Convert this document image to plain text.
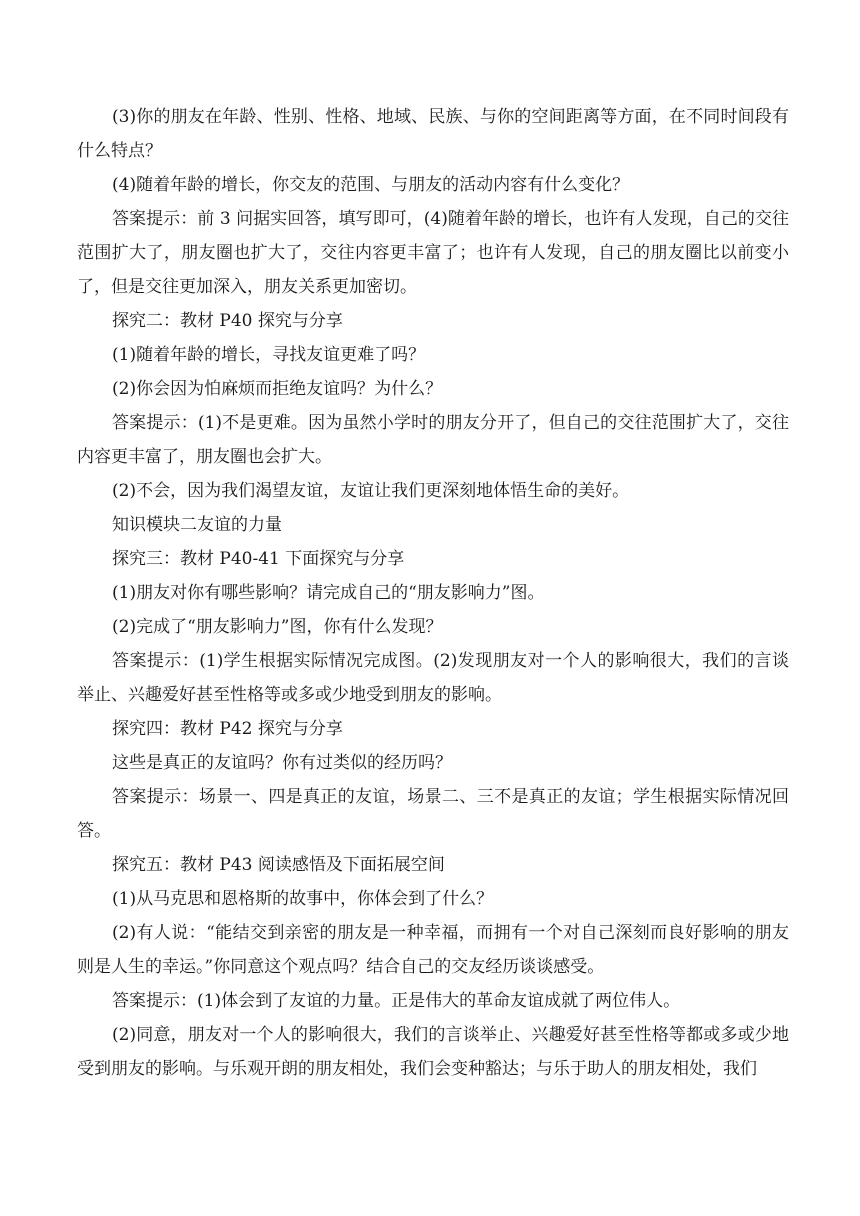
(3)你的朋友在年龄、性别、性格、地域、民族、与你的空间距离等方面，在不同时间段有什么特点？

(4)随着年龄的增长，你交友的范围、与朋友的活动内容有什么变化？

答案提示：前 3 问据实回答，填写即可，(4)随着年龄的增长，也许有人发现，自己的交往范围扩大了，朋友圈也扩大了，交往内容更丰富了；也许有人发现，自己的朋友圈比以前变小了，但是交往更加深入，朋友关系更加密切。

探究二：教材 P40 探究与分享

(1)随着年龄的增长，寻找友谊更难了吗？

(2)你会因为怕麻烦而拒绝友谊吗？为什么？

答案提示：(1)不是更难。因为虽然小学时的朋友分开了，但自己的交往范围扩大了，交往内容更丰富了，朋友圈也会扩大。

(2)不会，因为我们渴望友谊，友谊让我们更深刻地体悟生命的美好。

知识模块二友谊的力量

探究三：教材 P40-41 下面探究与分享

(1)朋友对你有哪些影响？请完成自己的“朋友影响力”图。

(2)完成了“朋友影响力”图，你有什么发现？

答案提示：(1)学生根据实际情况完成图。(2)发现朋友对一个人的影响很大，我们的言谈举止、兴趣爱好甚至性格等或多或少地受到朋友的影响。

探究四：教材 P42 探究与分享

这些是真正的友谊吗？你有过类似的经历吗？

答案提示：场景一、四是真正的友谊，场景二、三不是真正的友谊；学生根据实际情况回答。

探究五：教材 P43 阅读感悟及下面拓展空间

(1)从马克思和恩格斯的故事中，你体会到了什么？

(2)有人说：“能结交到亲密的朋友是一种幸福，而拥有一个对自己深刻而良好影响的朋友则是人生的幸运。”你同意这个观点吗？结合自己的交友经历谈谈感受。

答案提示：(1)体会到了友谊的力量。正是伟大的革命友谊成就了两位伟人。

(2)同意，朋友对一个人的影响很大，我们的言谈举止、兴趣爱好甚至性格等都或多或少地受到朋友的影响。与乐观开朗的朋友相处，我们会变种豁达；与乐于助人的朋友相处，我们
